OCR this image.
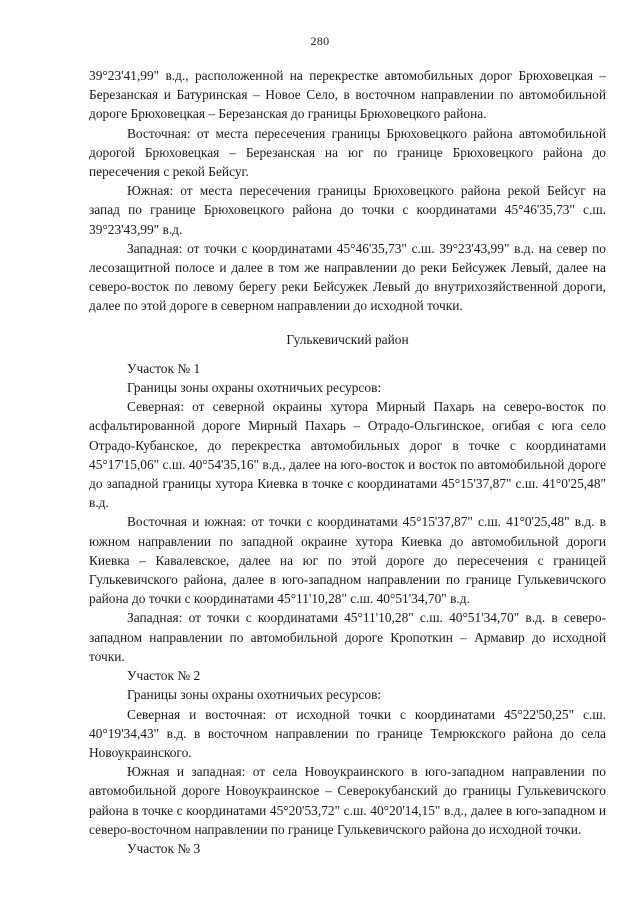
280

39°23'41,99" в.д., расположенной на перекрестке автомобильных дорог Брюховецкая – Березанская и Батуринская – Новое Село, в восточном направлении по автомобильной дороге Брюховецкая – Березанская до границы Брюховецкого района.

Восточная: от места пересечения границы Брюховецкого района автомобильной дорогой Брюховецкая – Березанская на юг по границе Брюховецкого района до пересечения с рекой Бейсуг.

Южная: от места пересечения границы Брюховецкого района рекой Бейсуг на запад по границе Брюховецкого района до точки с координатами 45°46'35,73" с.ш. 39°23'43,99" в.д.

Западная: от точки с координатами 45°46'35,73" с.ш. 39°23'43,99" в.д. на север по лесозащитной полосе и далее в том же направлении до реки Бейсужек Левый, далее на северо-восток по левому берегу реки Бейсужек Левый до внутрихозяйственной дороги, далее по этой дороге в северном направлении до исходной точки.

Гулькевичский район

Участок № 1

Границы зоны охраны охотничьих ресурсов:

Северная: от северной окраины хутора Мирный Пахарь на северо-восток по асфальтированной дороге Мирный Пахарь – Отрадо-Ольгинское, огибая с юга село Отрадо-Кубанское, до перекрестка автомобильных дорог в точке с координатами 45°17'15,06" с.ш. 40°54'35,16" в.д., далее на юго-восток и восток по автомобильной дороге до западной границы хутора Киевка в точке с координатами 45°15'37,87" с.ш. 41°0'25,48" в.д.

Восточная и южная: от точки с координатами 45°15'37,87" с.ш. 41°0'25,48" в.д. в южном направлении по западной окраине хутора Киевка до автомобильной дороги Киевка – Кавалевское, далее на юг по этой дороге до пересечения с границей Гулькевичского района, далее в юго-западном направлении по границе Гулькевичского района до точки с координатами 45°11'10,28" с.ш. 40°51'34,70" в.д.

Западная: от точки с координатами 45°11'10,28" с.ш. 40°51'34,70" в.д. в северо-западном направлении по автомобильной дороге Кропоткин – Армавир до исходной точки.

Участок № 2

Границы зоны охраны охотничьих ресурсов:

Северная и восточная: от исходной точки с координатами 45°22'50,25" с.ш. 40°19'34,43" в.д. в восточном направлении по границе Темрюкского района до села Новоукраинского.

Южная и западная: от села Новоукраинского в юго-западном направлении по автомобильной дороге Новоукраинское – Северокубанский до границы Гулькевичского района в точке с координатами 45°20'53,72" с.ш. 40°20'14,15" в.д., далее в юго-западном и северо-восточном направлении по границе Гулькевичского района до исходной точки.

Участок № 3
